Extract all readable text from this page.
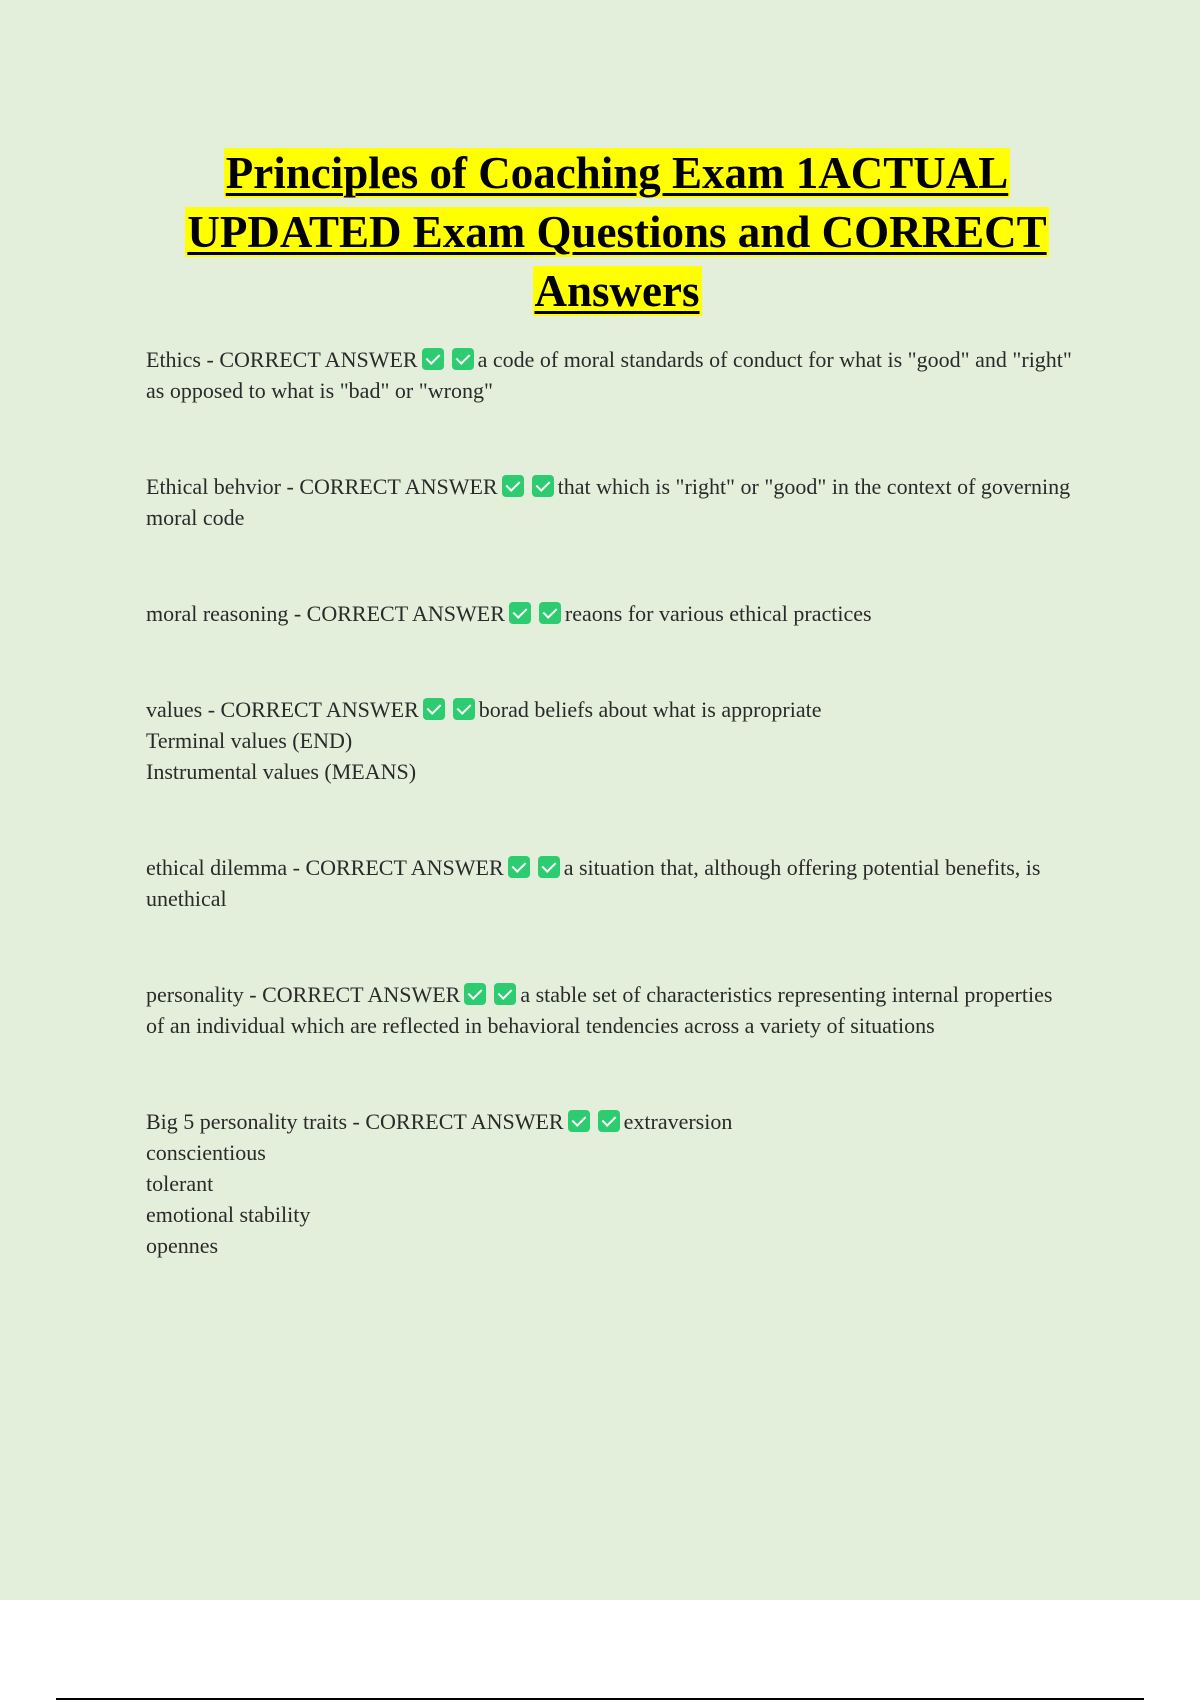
Principles of Coaching Exam 1ACTUAL UPDATED Exam Questions and CORRECT Answers

Ethics - CORRECT ANSWER	a code of moral standards of conduct for what is "good" and "right" as opposed to what is "bad" or "wrong"

Ethical behvior - CORRECT ANSWER	that which is "right" or "good" in the context of governing moral code

moral reasoning - CORRECT ANSWER	reaons for various ethical practices

values - CORRECT ANSWER	borad beliefs about what is appropriate

Terminal values (END)

Instrumental values (MEANS)

ethical dilemma - CORRECT ANSWER	a situation that, although offering potential benefits, is unethical

personality - CORRECT ANSWER	a stable set of characteristics representing internal properties of an individual which are reflected in behavioral tendencies across a variety of situations

Big 5 personality traits - CORRECT ANSWER	extraversion

conscientious

tolerant

emotional stability

opennes
